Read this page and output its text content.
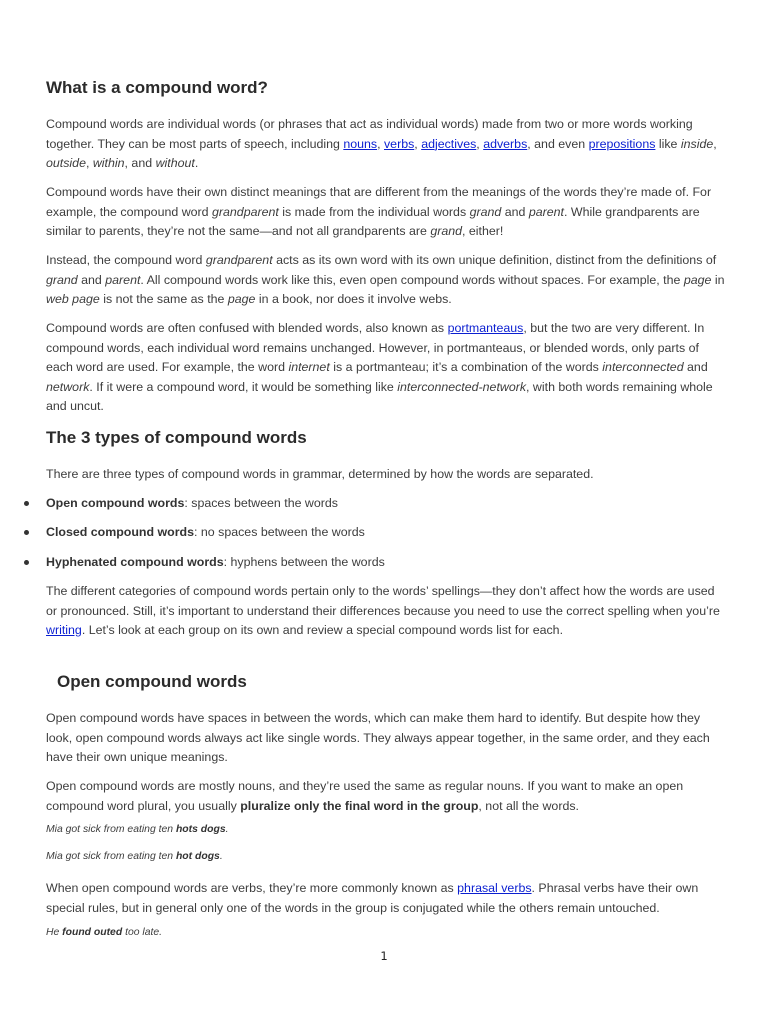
What is a compound word?

Compound words are individual words (or phrases that act as individual words) made from two or more words working together. They can be most parts of speech, including nouns, verbs, adjectives, adverbs, and even prepositions like inside, outside, within, and without.

Compound words have their own distinct meanings that are different from the meanings of the words they’re made of. For example, the compound word grandparent is made from the individual words grand and parent. While grandparents are similar to parents, they’re not the same—and not all grandparents are grand, either!

Instead, the compound word grandparent acts as its own word with its own unique definition, distinct from the definitions of grand and parent. All compound words work like this, even open compound words without spaces. For example, the page in web page is not the same as the page in a book, nor does it involve webs.

Compound words are often confused with blended words, also known as portmanteaus, but the two are very different. In compound words, each individual word remains unchanged. However, in portmanteaus, or blended words, only parts of each word are used. For example, the word internet is a portmanteau; it’s a combination of the words interconnected and network. If it were a compound word, it would be something like interconnected-network, with both words remaining whole and uncut.

The 3 types of compound words

There are three types of compound words in grammar, determined by how the words are separated.

Open compound words: spaces between the words
Closed compound words: no spaces between the words
Hyphenated compound words: hyphens between the words

The different categories of compound words pertain only to the words’ spellings—they don’t affect how the words are used or pronounced. Still, it’s important to understand their differences because you need to use the correct spelling when you’re writing. Let’s look at each group on its own and review a special compound words list for each.

Open compound words

Open compound words have spaces in between the words, which can make them hard to identify. But despite how they look, open compound words always act like single words. They always appear together, in the same order, and they each have their own unique meanings.

Open compound words are mostly nouns, and they’re used the same as regular nouns. If you want to make an open compound word plural, you usually pluralize only the final word in the group, not all the words.

Mia got sick from eating ten hots dogs.
Mia got sick from eating ten hot dogs.

When open compound words are verbs, they’re more commonly known as phrasal verbs. Phrasal verbs have their own special rules, but in general only one of the words in the group is conjugated while the others remain untouched.

He found outed too late.
1
